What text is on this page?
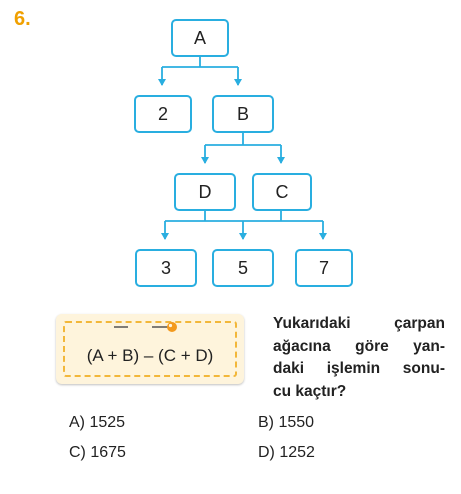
6.
A
2	B
D	C
3	5	7
(A + B) – (C + D)
Yukarıdaki çarpan
ağacına göre yan-
daki işlemin sonu-
cu kaçtır?
A) 1525	B) 1550
C) 1675	D) 1252
